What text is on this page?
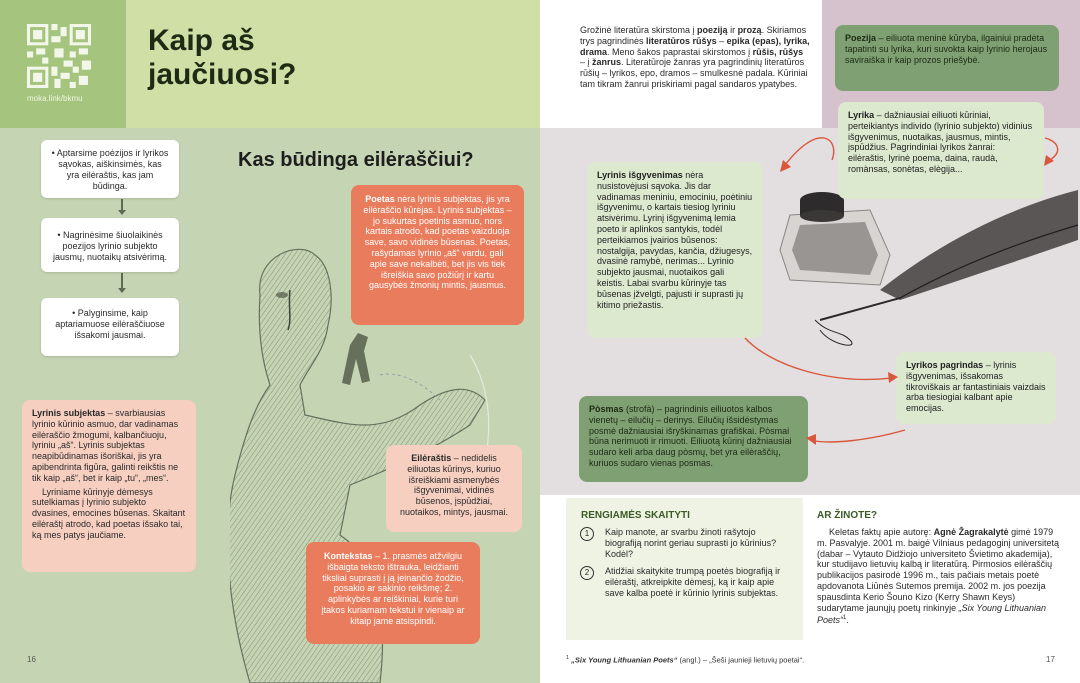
mokа.link/bkmu
Kaip aš
jaučiuosi?
Kas būdinga eilėraščiui?
• Aptarsime poėzijos ir lyrikos sąvokas, aiškinsimės, kas yra eilėraštis, kas jam būdinga.
• Nagrinėsime šiuolaikinės poezijos lyrinio subjekto jausmų, nuotaikų atsivėrimą.
• Palyginsime, kaip aptariamuose eilėraščiuose išsakomi jausmai.
Poetas nėra lyrinis subjektas, jis yra eilėraščio kūrėjas. Lyrinis subjektas – jo sukurtas poetinis asmuo, nors kartais atrodo, kad poetas vaizduoja save, savo vidinės būsenas. Poetas, rašydamas lyrinio „aš“ vardu, gali apie save nekalbėti, bet jis vis tiek išreiškia savo požiūrį ir kartu gausybės žmonių mintis, jausmus.
Lyrinis subjektas – svarbiausias lyrinio kūrinio asmuo, dar vadinamas eilėraščio žmogumi, kalbančiuoju, lyriniu „aš“. Lyrinis subjektas neapibūdinamas išoriškai, jis yra apibendrinta figūra, galinti reikštis ne tik kaip „aš“, bet ir kaip „tu“, „mes“.
Lyriniame kūrinyje dėmesys sutelkiamas į lyrinio subjekto dvasines, emocines būsenas. Skaitant eilėraštį atrodo, kad poetas išsako tai, ką mes patys jaučiame.
Eilėraštis – nedidelis eiliuotas kūrinys, kuriuo išreiškiami asmenybės išgyvenimai, vidinės būsenos, įspūdžiai, nuotaikos, mintys, jausmai.
Kontekstas – 1. prasmės atžvilgiu išbaigta teksto ištrauka, leidžianti tiksliai suprasti į ją įeinančio žodžio, posakio ar sakinio reikšmę; 2. aplinkybės ar reiškiniai, kurie turi įtakos kuriamam tekstui ir vienaip ar kitaip jame atsispindi.
16
Grožinė literatūra skirstoma į poeziją ir prozą. Skiriamos trys pagrindinės literatūros rūšys – epika (epas), lyrika, drama. Meno šakos paprastai skirstomos į rūšis, rūšys – į žanrus. Literatūroje žanras yra pagrindinių literatūros rūšių – lyrikos, epo, dramos – smulkesnė padala. Kūriniai tam tikram žanrui priskiriami pagal sandaros ypatybes.
Poezija – eiliuota meninė kūryba, ilgainiui pradėta tapatinti su lyrika, kuri suvokta kaip lyrinio herojaus saviraiška ir kaip prozos priešybė.
Lyrika – dažniausiai eiliuoti kūriniai, perteikiantys individo (lyrinio subjekto) vidinius išgyvenimus, nuotaikas, jausmus, mintis, įspūdžius. Pagrindiniai lyrikos žanrai: eilėraštis, lyrinė poema, daina, raudà, romànsas, sonètas, elègija...
Lyrinis išgyvenimas nėra nusistovėjusi sąvoka. Jis dar vadinamas meniniu, emociniu, poėtiniu išgyvenimu, o kartais tiesiog lyriniu atsivėrimu. Lyrinį išgyvenimą lemia poeto ir aplinkos santykis, todėl perteikiamos įvairios būsenos: nostalgija, pavydas, kančia, džiugesys, dvasinė ramybė, nerimas... Lyrinio subjekto jausmai, nuotaikos gali keistis. Labai svarbu kūrinyje tas būsenas įžvelgti, pajusti ir suprasti jų kitimo priežastis.
Lyrikos pagrindas – lyrinis išgyvenimas, išsakomas tikroviškais ar fantastiniais vaizdais arba tiesiogiai kalbant apie emocijas.
Pòsmas (strofà) – pagrindinis eiliuotos kalbos vienetų – eilučių – derinys. Eilučių išsidėstymas posmė dažniausiai išryškinamas grafiškai. Pòsmai būna nerimuoti ir rimuoti. Eiliuotą kūrinį dažniausiai sudaro keli arba daug pòsmų, bet yra eilėraščių, kuriuos sudaro vienas posmas.
RENGIAMĖS SKAITYTI
1	Kaip manote, ar svarbu žinoti rašytojo biografiją norint geriau suprasti jo kūrinius? Kodėl?
2	Atidžiai skaitykite trumpą poetės biografiją ir eilėraštį, atkreipkite dėmesį, ką ir kaip apie save kalba poetė ir kūrinio lyrinis subjektas.
AR ŽINOTE?
Keletas faktų apie autorę: Agnė Žagrakalytė gimė 1979 m. Pasvalyje. 2001 m. baigė Vilniaus pedagoginį universitetą (dabar – Vytauto Didžiojo universiteto Švietimo akademija), kur studijavo lietuvių kalbą ir literatūrą. Pirmosios eilėraščių publikacijos pasirodė 1996 m., tais pačiais metais poetė apdovanota Liūnės Sutemos premija. 2002 m. jos poezija spausdinta Kerio Šouno Kizo (Kerry Shawn Keys) sudarytame jaunųjų poetų rinkinyje „Six Young Lithuanian Poets“$^1$.
$^1$ „Six Young Lithuanian Poets“ (angl.) – „Šeši jaunieji lietuvių poetai“.	17
